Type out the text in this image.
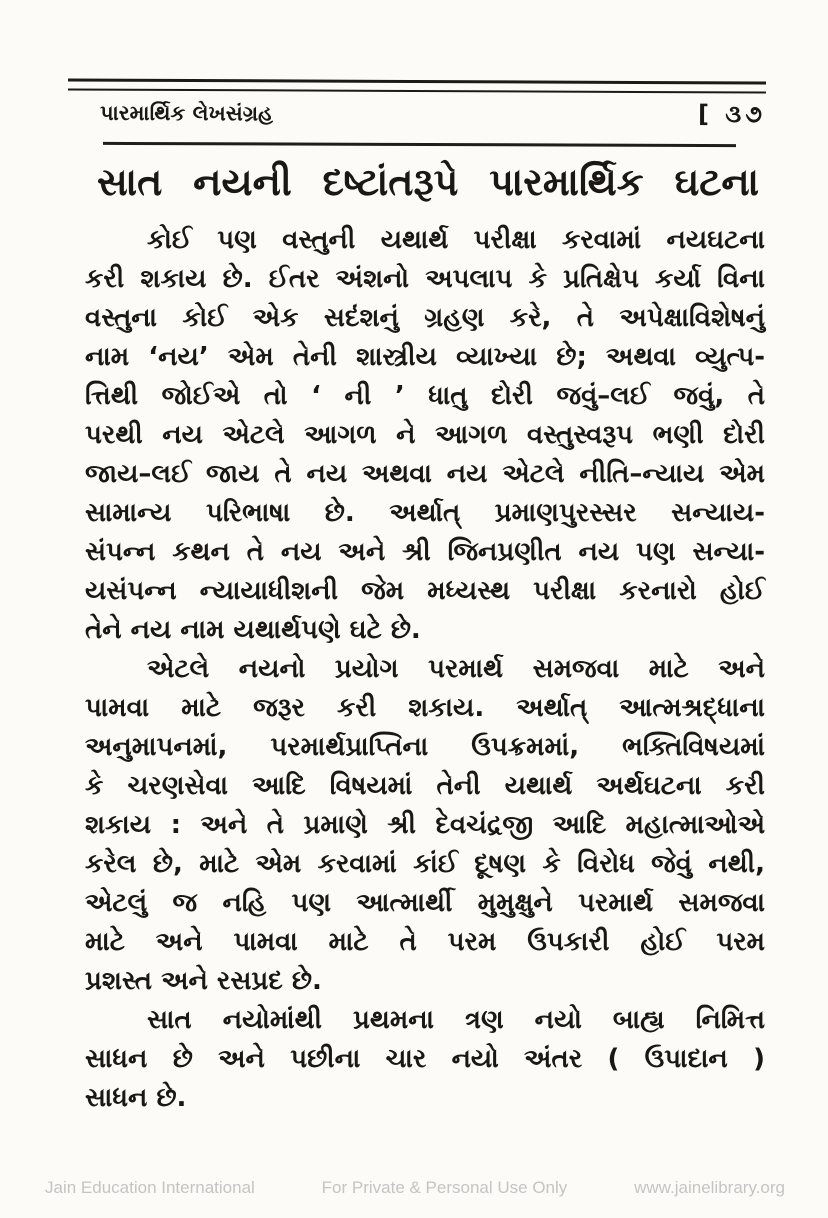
પારમાર્થિક લેખસંગ્રહ	[ ૩૭
સાત નયની દષ્ટાંતરૂપે પારમાર્થિક ઘટના
કોઈ પણ વસ્તુની યથાર્થ પરીક્ષા કરવામાં નયઘટના
કરી શકાય છે. ઈતર અંશનો અપલાપ કે પ્રતિક્ષેપ કર્યા વિના
વસ્તુના કોઈ એક સદંશનું ગ્રહણ કરે, તે અપેક્ષાવિશેષનું
નામ ‘નય’ એમ તેની શાસ્ત્રીય વ્યાખ્યા છે; અથવા વ્યુત્પ-
ત્તિથી જોઈએ તો ‘ ની ’ ધાતુ દોરી જવું–લઈ જવું, તે
પરથી નય એટલે આગળ ને આગળ વસ્તુસ્વરૂપ ભણી દોરી
જાય–લઈ જાય તે નય અથવા નય એટલે નીતિ–ન્યાય એમ
સામાન્ય પરિભાષા છે. અર્થાત્ પ્રમાણપુરસ્સર સન્યાય-
સંપન્ન કથન તે નય અને શ્રી જિનપ્રણીત નય પણ સન્યા-
યસંપન્ન ન્યાયાધીશની જેમ મધ્યસ્થ પરીક્ષા કરનારો હોઈ
તેને નય નામ યથાર્થપણે ઘટે છે.
એટલે નયનો પ્રયોગ પરમાર્થ સમજવા માટે અને
પામવા માટે જરૂર કરી શકાય. અર્થાત્ આત્મશ્રદ્ધાના
અનુમાપનમાં, પરમાર્થપ્રાપ્તિના ઉપક્રમમાં, ભક્તિવિષયમાં
કે ચરણસેવા આદિ વિષયમાં તેની યથાર્થ અર્થઘટના કરી
શકાય : અને તે પ્રમાણે શ્રી દેવચંદ્રજી આદિ મહાત્માઓએ
કરેલ છે, માટે એમ કરવામાં કાંઈ દૂષણ કે વિરોધ જેવું નથી,
એટલું જ નહિ પણ આત્માર્થી મુમુક્ષુને પરમાર્થ સમજવા
માટે અને પામવા માટે તે પરમ ઉપકારી હોઈ પરમ
પ્રશસ્ત અને રસપ્રદ છે.
સાત નયોમાંથી પ્રથમના ત્રણ નયો બાહ્ય નિમિત્ત
સાધન છે અને પછીના ચાર નયો અંતર ( ઉપાદાન )
સાધન છે.
Jain Education International	For Private & Personal Use Only	www.jainelibrary.org
